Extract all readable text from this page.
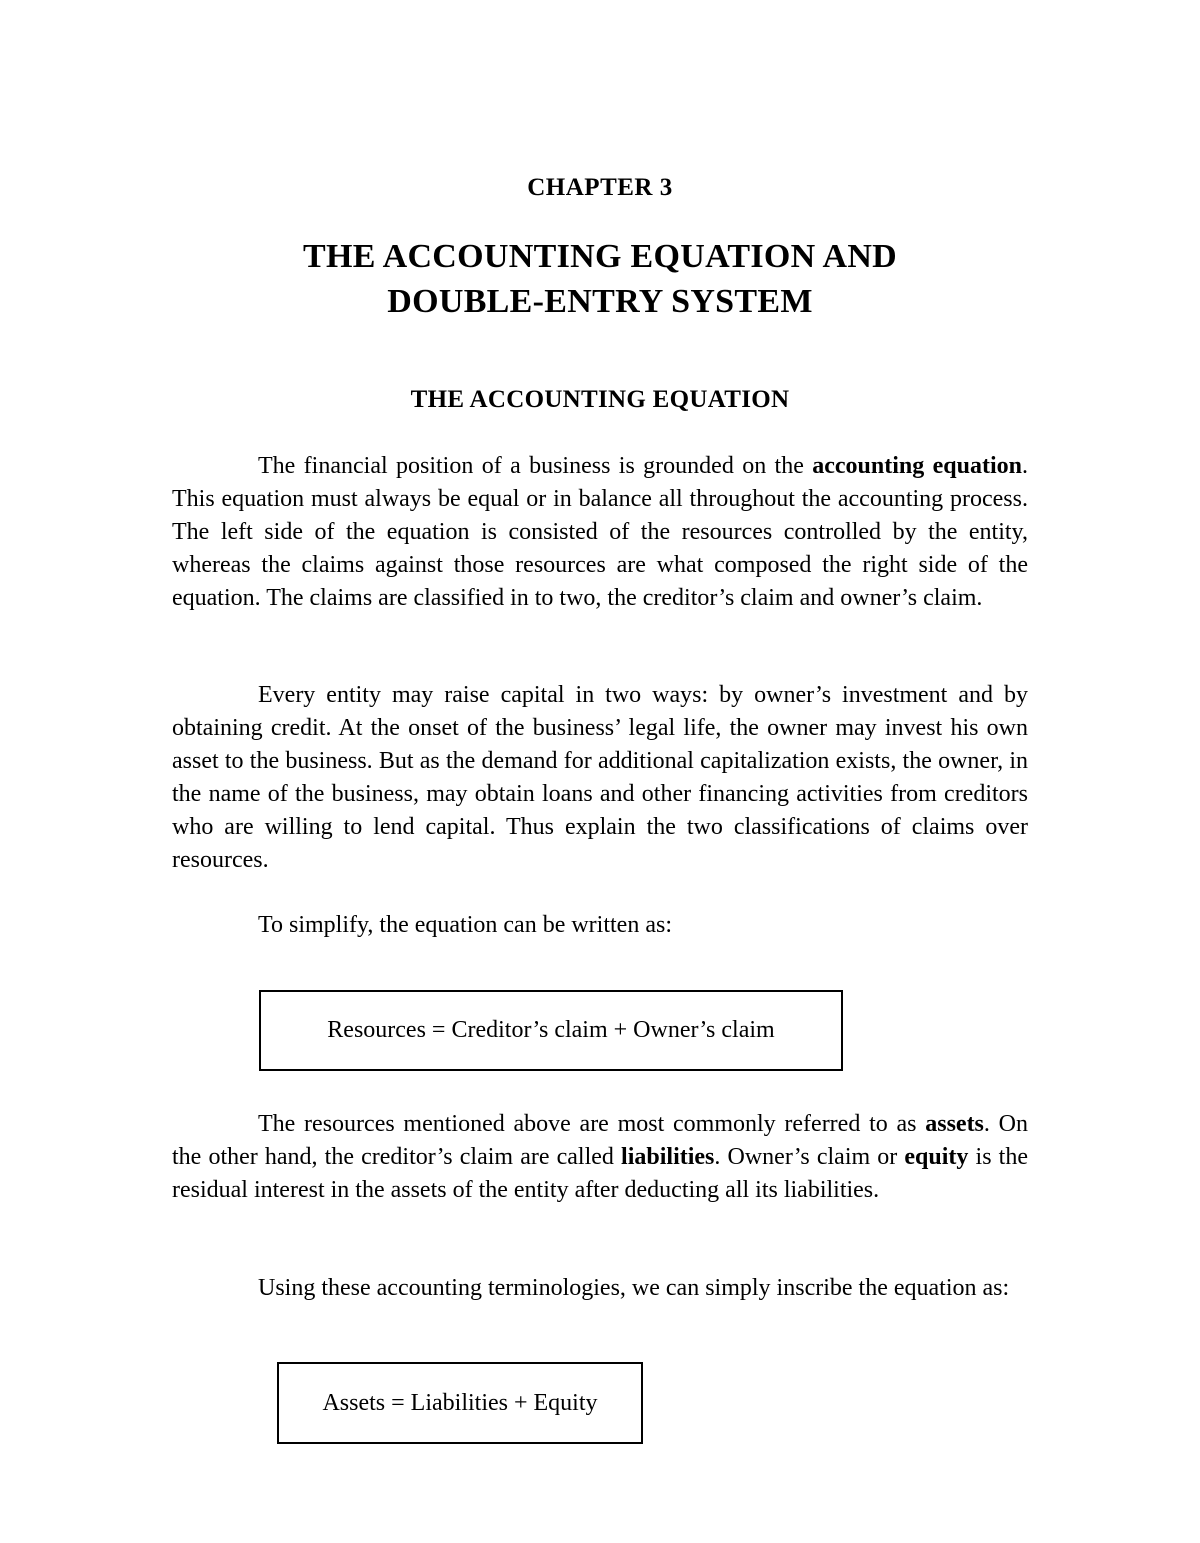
CHAPTER 3
THE ACCOUNTING EQUATION AND
DOUBLE-ENTRY SYSTEM
THE ACCOUNTING EQUATION

The financial position of a business is grounded on the accounting equation. This equation must always be equal or in balance all throughout the accounting process. The left side of the equation is consisted of the resources controlled by the entity, whereas the claims against those resources are what composed the right side of the equation. The claims are classified in to two, the creditor’s claim and owner’s claim.

Every entity may raise capital in two ways: by owner’s investment and by obtaining credit. At the onset of the business’ legal life, the owner may invest his own asset to the business. But as the demand for additional capitalization exists, the owner, in the name of the business, may obtain loans and other financing activities from creditors who are willing to lend capital. Thus explain the two classifications of claims over resources.

To simplify, the equation can be written as:

Resources = Creditor’s claim + Owner’s claim

The resources mentioned above are most commonly referred to as assets. On the other hand, the creditor’s claim are called liabilities. Owner’s claim or equity is the residual interest in the assets of the entity after deducting all its liabilities.

Using these accounting terminologies, we can simply inscribe the equation as:

Assets = Liabilities + Equity
